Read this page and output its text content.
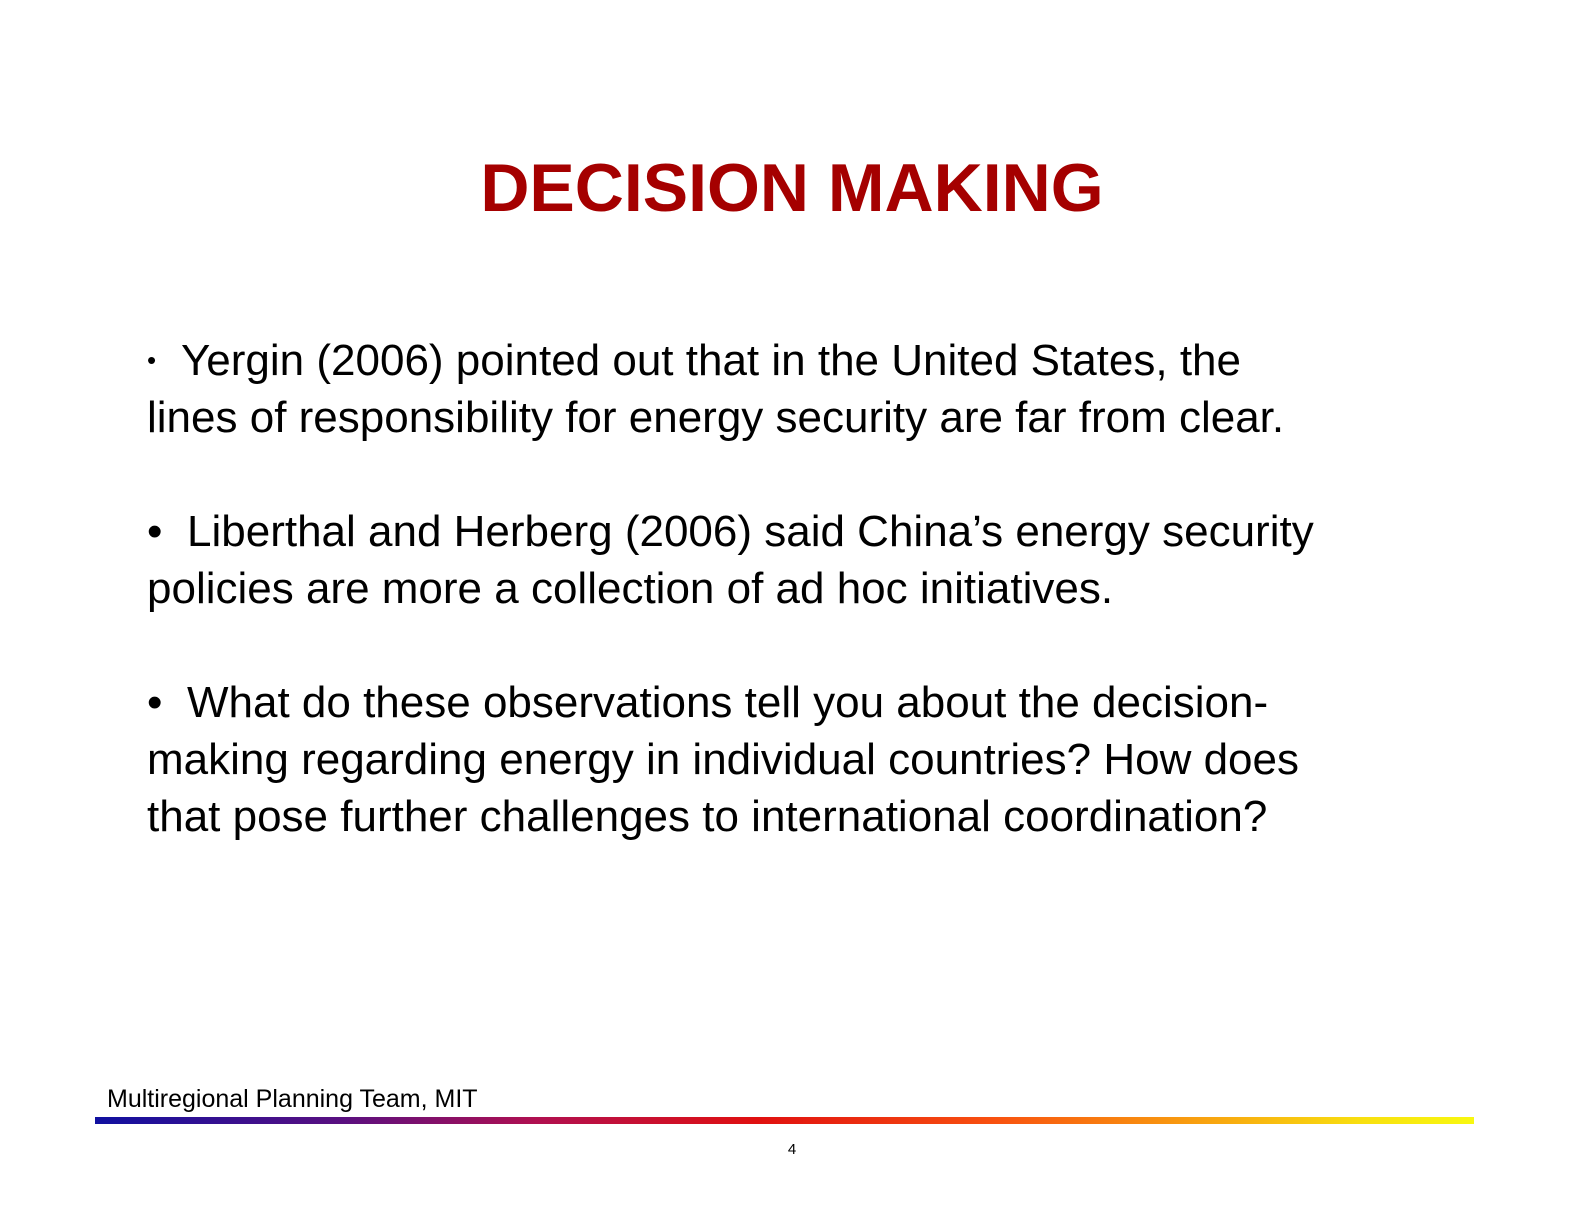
DECISION MAKING
• Yergin (2006) pointed out that in the United States, the
lines of responsibility for energy security are far from clear.
• Liberthal and Herberg (2006) said China’s energy security
policies are more a collection of ad hoc initiatives.
• What do these observations tell you about the decision-
making regarding energy in individual countries? How does
that pose further challenges to international coordination?
Multiregional Planning Team, MIT
4
